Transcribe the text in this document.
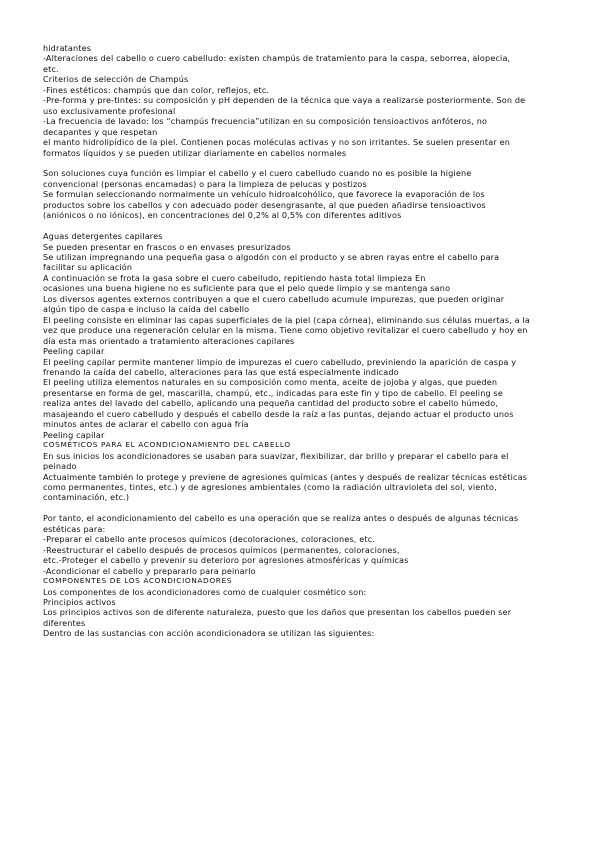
hidratantes
-Alteraciones del cabello o cuero cabelludo: existen champús de tratamiento para la caspa, seborrea, alopecia,
etc.
Criterios de selección de Champús
-Fines estéticos: champús que dan color, reflejos, etc.
-Pre-forma y pre-tintes: su composición y pH dependen de la técnica que vaya a realizarse posteriormente. Son de
uso exclusivamente profesional
-La frecuencia de lavado: los “champús frecuencia”utilizan en su composición tensioactivos anfóteros, no
decapantes y que respetan
el manto hidrolipídico de la piel. Contienen pocas moléculas activas y no son irritantes. Se suelen presentar en
formatos líquidos y se pueden utilizar diariamente en cabellos normales
Son soluciones cuya función es limpiar el cabello y el cuero cabelludo cuando no es posible la higiene
convencional (personas encamadas) o para la limpieza de pelucas y postizos
Se formulan seleccionando normalmente un vehículo hidroalcohólico, que favorece la evaporación de los
productos sobre los cabellos y con adecuado poder desengrasante, al que pueden añadirse tensioactivos
(aniónicos o no iónicos), en concentraciones del 0,2% al 0,5% con diferentes aditivos
Aguas detergentes capilares
Se pueden presentar en frascos o en envases presurizados
Se utilizan impregnando una pequeña gasa o algodón con el producto y se abren rayas entre el cabello para
facilitar su aplicación
A continuación se frota la gasa sobre el cuero cabelludo, repitiendo hasta total limpieza En
ocasiones una buena higiene no es suficiente para que el pelo quede limpio y se mantenga sano
Los diversos agentes externos contribuyen a que el cuero cabelludo acumule impurezas, que pueden originar
algún tipo de caspa e incluso la caída del cabello
El peeling consiste en eliminar las capas superficiales de la piel (capa córnea), eliminando sus células muertas, a la
vez que produce una regeneración celular en la misma. Tiene como objetivo revitalizar el cuero cabelludo y hoy en
día esta mas orientado a tratamiento alteraciones capilares
Peeling capilar
El peeling capilar permite mantener limpio de impurezas el cuero cabelludo, previniendo la aparición de caspa y
frenando la caída del cabello, alteraciones para las que está especialmente indicado
El peeling utiliza elementos naturales en su composición como menta, aceite de jojoba y algas, que pueden
presentarse en forma de gel, mascarilla, champú, etc., indicadas para este fin y tipo de cabello. El peeling se
realiza antes del lavado del cabello, aplicando una pequeña cantidad del producto sobre el cabello húmedo,
masajeando el cuero cabelludo y después el cabello desde la raíz a las puntas, dejando actuar el producto unos
minutos antes de aclarar el cabello con agua fría
Peeling capilar
COSMÉTICOS PARA EL ACONDICIONAMIENTO DEL CABELLO
En sus inicios los acondicionadores se usaban para suavizar, flexibilizar, dar brillo y preparar el cabello para el
peinado
Actualmente también lo protege y previene de agresiones químicas (antes y después de realizar técnicas estéticas
como permanentes, tintes, etc.) y de agresiones ambientales (como la radiación ultravioleta del sol, viento,
contaminación, etc.)
Por tanto, el acondicionamiento del cabello es una operación que se realiza antes o después de algunas técnicas
estéticas para:
-Preparar el cabello ante procesos químicos (decoloraciones, coloraciones, etc.
-Reestructurar el cabello después de procesos químicos (permanentes, coloraciones,
etc.-Proteger el cabello y prevenir su deterioro por agresiones atmosféricas y químicas
-Acondicionar el cabello y prepararlo para peinarlo
COMPONENTES DE LOS ACONDICIONADORES
Los componentes de los acondicionadores como de cualquier cosmético son:
Principios activos
Los principios activos son de diferente naturaleza, puesto que los daños que presentan los cabellos pueden ser
diferentes
Dentro de las sustancias con acción acondicionadora se utilizan las siguientes:
